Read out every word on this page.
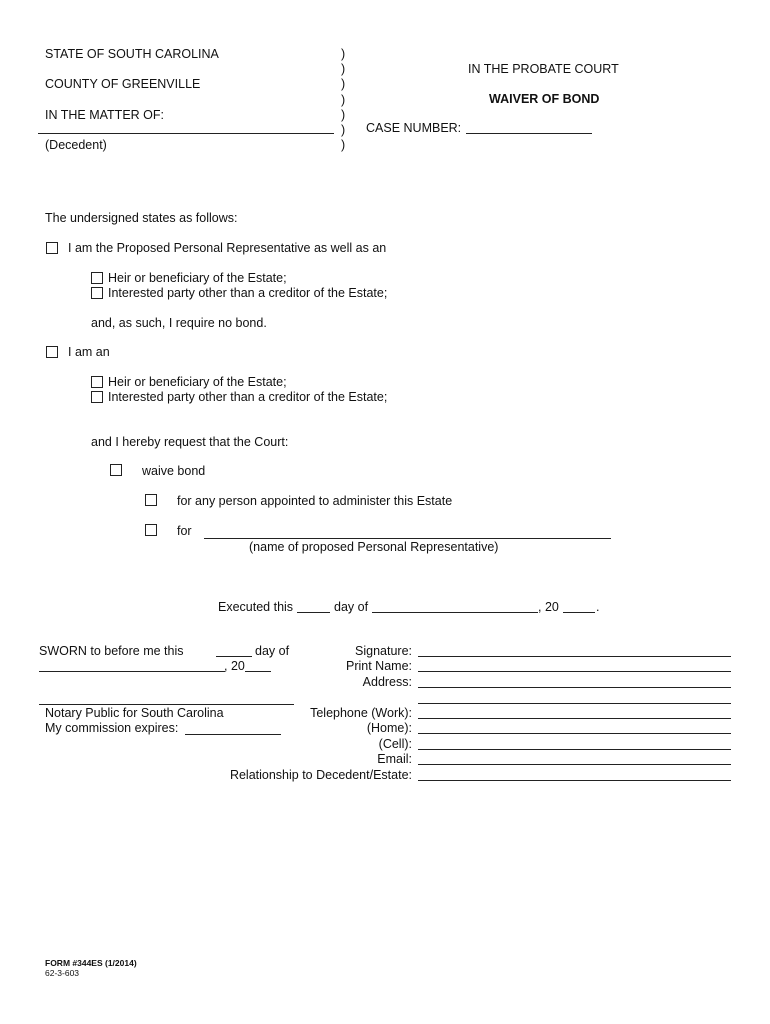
STATE OF SOUTH CAROLINA
COUNTY OF GREENVILLE
IN THE MATTER OF:
(Decedent)
)
)
)
)
)
)
)
IN THE PROBATE COURT
WAIVER OF BOND
CASE NUMBER:
The undersigned states as follows:
I am the Proposed Personal Representative as well as an
Heir or beneficiary of the Estate;
Interested party other than a creditor of the Estate;
and, as such, I require no bond.
I am an
Heir or beneficiary of the Estate;
Interested party other than a creditor of the Estate;
and I hereby request that the Court:
waive bond
for any person appointed to administer this Estate
for
(name of proposed Personal Representative)
Executed this	day of	, 20	.
SWORN to before me this	day of
, 20
Notary Public for South Carolina
My commission expires:
Signature:
Print Name:
Address:
Telephone (Work):
(Home):
(Cell):
Email:
Relationship to Decedent/Estate:
FORM #344ES (1/2014)
62-3-603
